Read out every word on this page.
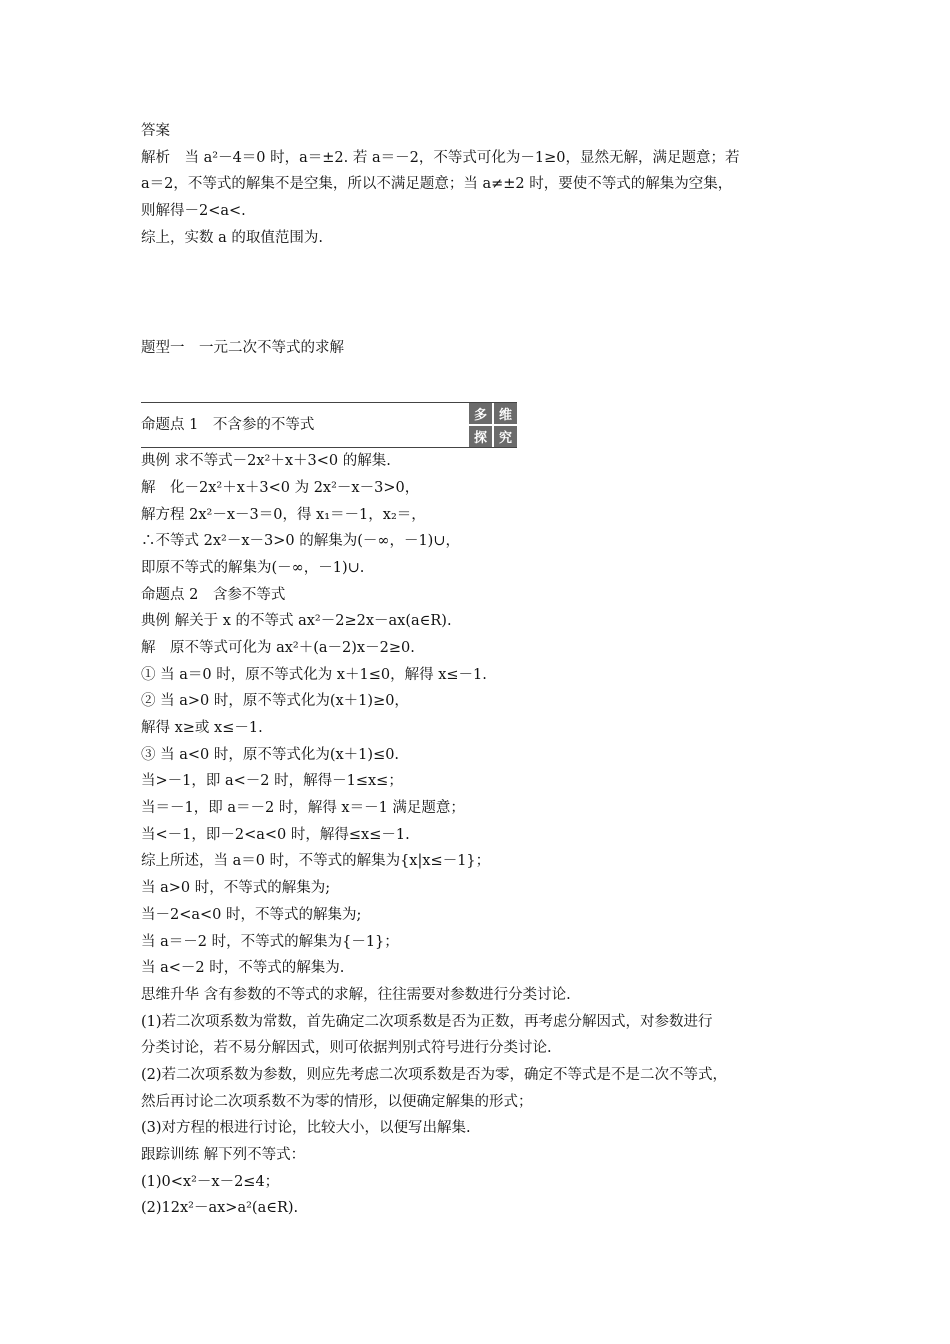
答案
解析　当 a²－4＝0 时，a＝±2. 若 a＝－2，不等式可化为－1≥0，显然无解，满足题意；若
a＝2，不等式的解集不是空集，所以不满足题意；当 a≠±2 时，要使不等式的解集为空集，
则解得－2<a<.
综上，实数 a 的取值范围为.
题型一　一元二次不等式的求解
命题点 1　不含参的不等式
多 维
探 究
典例 求不等式－2x²＋x＋3<0 的解集.
解　化－2x²＋x＋3<0 为 2x²－x－3>0，
解方程 2x²－x－3＝0，得 x₁＝－1，x₂＝，
∴不等式 2x²－x－3>0 的解集为(－∞，－1)∪，
即原不等式的解集为(－∞，－1)∪.
命题点 2　含参不等式
典例 解关于 x 的不等式 ax²－2≥2x－ax(a∈R).
解　原不等式可化为 ax²＋(a－2)x－2≥0.
① 当 a＝0 时，原不等式化为 x＋1≤0，解得 x≤－1.
② 当 a>0 时，原不等式化为(x＋1)≥0，
解得 x≥或 x≤－1.
③ 当 a<0 时，原不等式化为(x＋1)≤0.
当>－1，即 a<－2 时，解得－1≤x≤；
当＝－1，即 a＝－2 时，解得 x＝－1 满足题意；
当<－1，即－2<a<0 时，解得≤x≤－1.
综上所述，当 a＝0 时，不等式的解集为{x|x≤－1}；
当 a>0 时，不等式的解集为;
当－2<a<0 时，不等式的解集为;
当 a＝－2 时，不等式的解集为{－1}；
当 a<－2 时，不等式的解集为.
思维升华 含有参数的不等式的求解，往往需要对参数进行分类讨论.
(1)若二次项系数为常数，首先确定二次项系数是否为正数，再考虑分解因式，对参数进行
分类讨论，若不易分解因式，则可依据判别式符号进行分类讨论.
(2)若二次项系数为参数，则应先考虑二次项系数是否为零，确定不等式是不是二次不等式，
然后再讨论二次项系数不为零的情形，以便确定解集的形式；
(3)对方程的根进行讨论，比较大小，以便写出解集.
跟踪训练 解下列不等式：
(1)0<x²－x－2≤4；
(2)12x²－ax>a²(a∈R).
